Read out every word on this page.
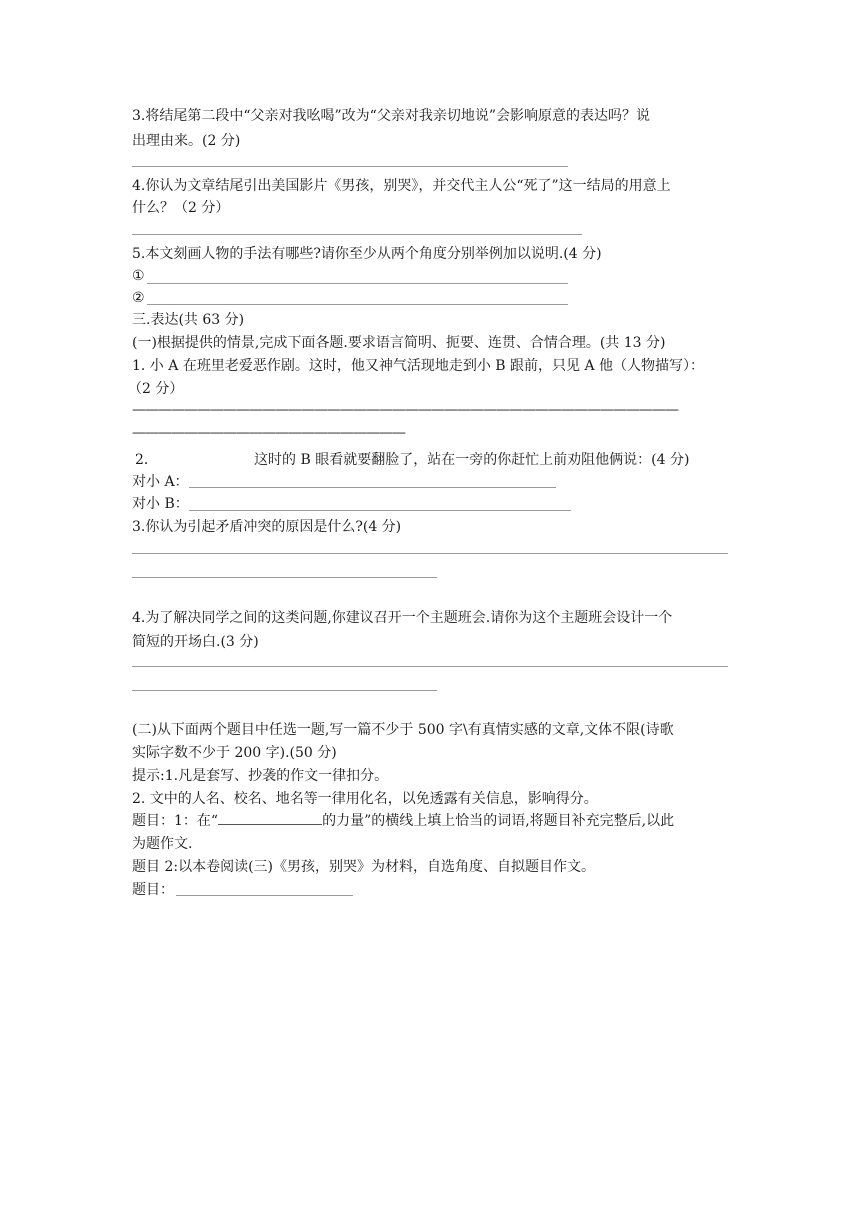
3.将结尾第二段中“父亲对我吆喝”改为“父亲对我亲切地说”会影响原意的表达吗？说
出理由来。(2 分)
4.你认为文章结尾引出美国影片《男孩，别哭》，并交代主人公“死了”这一结局的用意上
什么？（2 分）
5.本文刻画人物的手法有哪些?请你至少从两个角度分别举例加以说明.(4 分)
①
②
三.表达(共 63 分)
(一)根据提供的情景,完成下面各题.要求语言简明、扼要、连贯、合情合理。(共 13 分)
1. 小 A 在班里老爱恶作剧。这时，他又神气活现地走到小 B 跟前，只见 A 他（人物描写）：
（2 分）
——————————————————————————————————————————
—————————————————————
2．	这时的 B 眼看就要翻脸了，站在一旁的你赶忙上前劝阻他俩说：(4 分)
对小 A：
对小 B：
3.你认为引起矛盾冲突的原因是什么?(4 分)
4.为了解决同学之间的这类问题,你建议召开一个主题班会.请你为这个主题班会设计一个
简短的开场白.(3 分)
(二)从下面两个题目中任选一题,写一篇不少于 500 字\有真情实感的文章,文体不限(诗歌
实际字数不少于 200 字).(50 分)
提示:1.凡是套写、抄袭的作文一律扣分。
2. 文中的人名、校名、地名等一律用化名，以免透露有关信息，影响得分。
题目：1：在“	的力量”的横线上填上恰当的词语,将题目补充完整后,以此
为题作文.
题目 2:以本卷阅读(三)《男孩，别哭》为材料，自选角度、自拟题目作文。
题目：
